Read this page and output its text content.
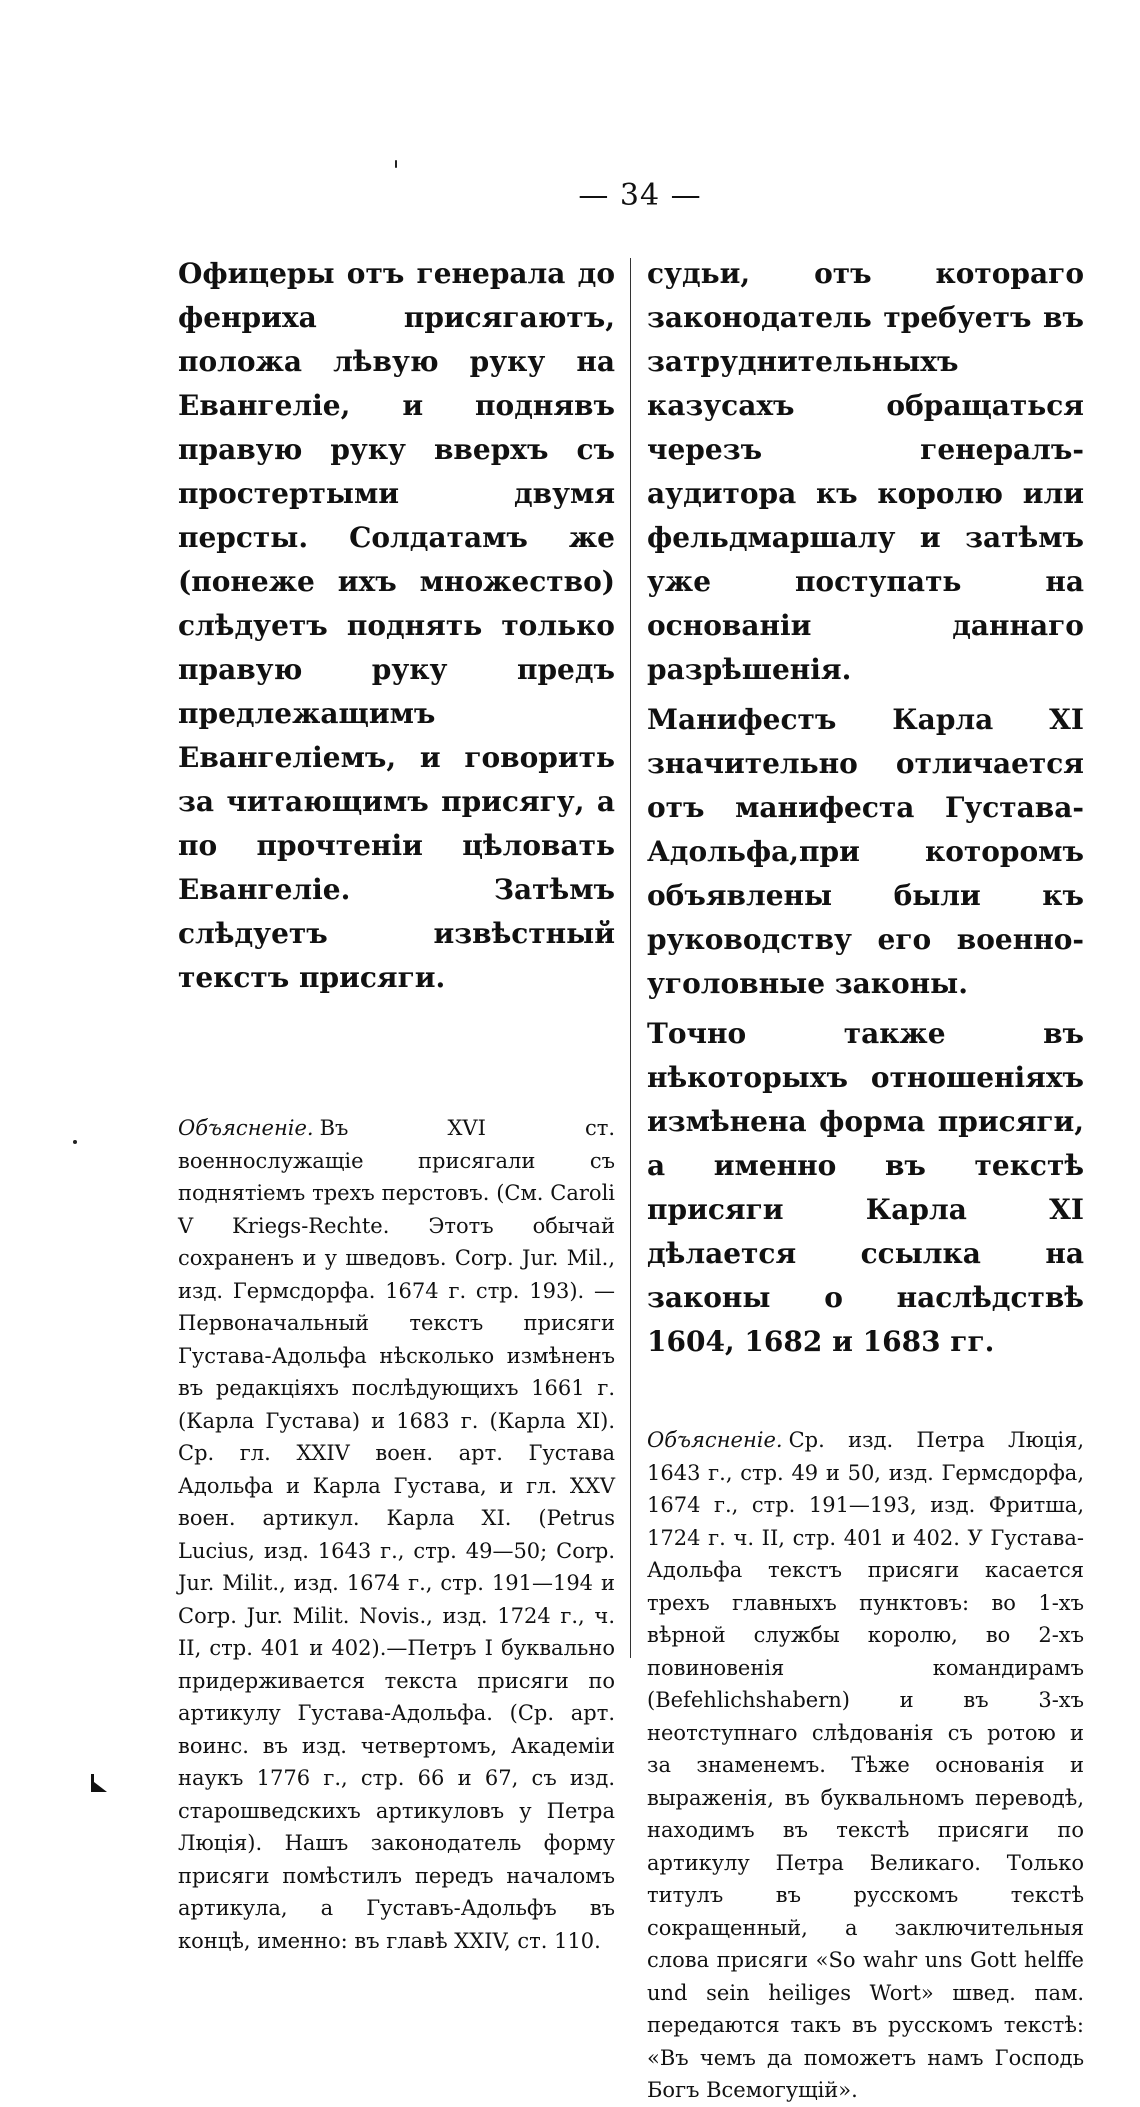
— 34 —

Офицеры отъ генерала до фенриха присягаютъ, положа лѣвую руку на Евангеліе, и поднявъ правую руку вверхъ съ простертыми двумя персты. Солдатамъ же (понеже ихъ множество) слѣдуетъ поднять только правую руку предъ предлежащимъ Евангеліемъ, и говорить за читающимъ присягу, а по прочтеніи цѣловать Евангеліе. Затѣмъ слѣдуетъ извѣстный текстъ присяги.

Объясненіе. Въ XVI ст. военнослужащіе присягали съ поднятіемъ трехъ перстовъ. (См. Caroli V Kriegs-Rechte. Этотъ обычай сохраненъ и у шведовъ. Corp. Jur. Mil., изд. Гермсдорфа. 1674 г. стр. 193). — Первоначальный текстъ присяги Густава-Адольфа нѣсколько измѣненъ въ редакціяхъ послѣдующихъ 1661 г. (Карла Густава) и 1683 г. (Карла XI). Ср. гл. XXIV воен. арт. Густава Адольфа и Карла Густава, и гл. XXV воен. артикул. Карла XI. (Petrus Lucius, изд. 1643 г., стр. 49—50; Corp. Jur. Milit., изд. 1674 г., стр. 191—194 и Corp. Jur. Milit. Novis., изд. 1724 г., ч. II, стр. 401 и 402).—Петръ I буквально придерживается текста присяги по артикулу Густава-Адольфа. (Ср. арт. воинс. въ изд. четвертомъ, Академіи наукъ 1776 г., стр. 66 и 67, съ изд. старошведскихъ артикуловъ у Петра Люція). Нашъ законодатель форму присяги помѣстилъ передъ началомъ артикула, а Густавъ-Адольфъ въ концѣ, именно: въ главѣ XXIV, ст. 110.

судьи, отъ котораго законодатель требуетъ въ затруднительныхъ казусахъ обращаться черезъ генералъ-аудитора къ королю или фельдмаршалу и затѣмъ уже поступать на основаніи даннаго разрѣшенія.

Манифестъ Карла XI значительно отличается отъ манифеста Густава-Адольфа,при которомъ объявлены были къ руководству его военно-уголовные законы.

Точно также въ нѣкоторыхъ отношеніяхъ измѣнена форма присяги, а именно въ текстѣ присяги Карла XI дѣлается ссылка на законы о наслѣдствѣ 1604, 1682 и 1683 гг.

Объясненіе. Ср. изд. Петра Люція, 1643 г., стр. 49 и 50, изд. Гермсдорфа, 1674 г., стр. 191—193, изд. Фритша, 1724 г. ч. II, стр. 401 и 402. У Густава-Адольфа текстъ присяги касается трехъ главныхъ пунктовъ: во 1-хъ вѣрной службы королю, во 2-хъ повиновенія командирамъ (Befehlichshabern) и въ 3-хъ неотступнаго слѣдованія съ ротою и за знаменемъ. Тѣже основанія и выраженія, въ буквальномъ переводѣ, находимъ въ текстѣ присяги по артикулу Петра Великаго. Только титулъ въ русскомъ текстѣ сокращенный, а заключительныя слова присяги «So wahr uns Gott helffe und sein heiliges Wort» швед. пам. передаются такъ въ русскомъ текстѣ: «Въ чемъ да поможетъ намъ Господь Богъ Всемогущій».
